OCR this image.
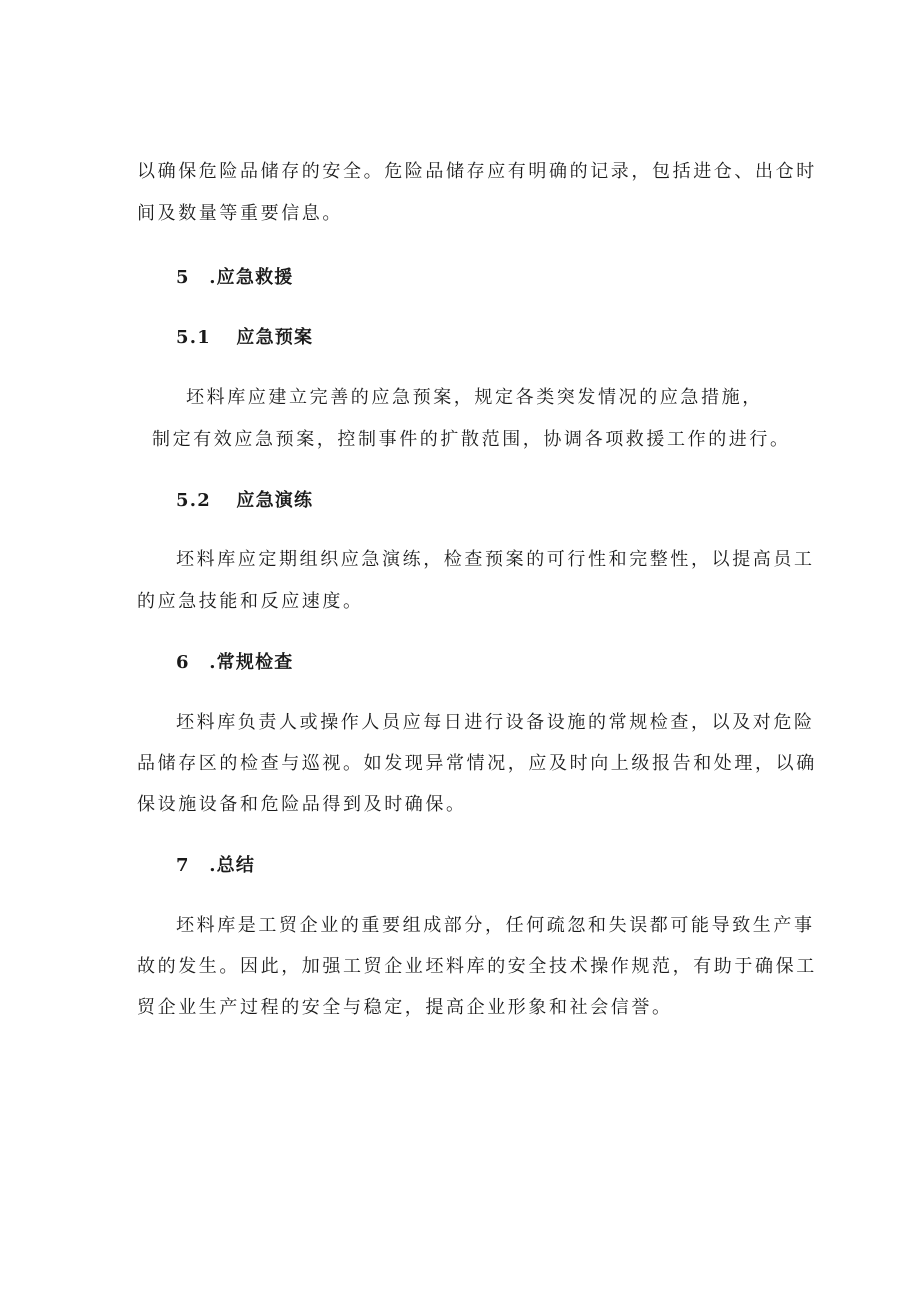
以确保危险品储存的安全。危险品储存应有明确的记录，包括进仓、出仓时
间及数量等重要信息。
5 .应急救援
5.1 应急预案
坯料库应建立完善的应急预案，规定各类突发情况的应急措施，
制定有效应急预案，控制事件的扩散范围，协调各项救援工作的进行。
5.2 应急演练
坯料库应定期组织应急演练，检查预案的可行性和完整性，以提高员工
的应急技能和反应速度。
6 .常规检查
坯料库负责人或操作人员应每日进行设备设施的常规检查，以及对危险
品储存区的检查与巡视。如发现异常情况，应及时向上级报告和处理，以确
保设施设备和危险品得到及时确保。
7 .总结
坯料库是工贸企业的重要组成部分，任何疏忽和失误都可能导致生产事
故的发生。因此，加强工贸企业坯料库的安全技术操作规范，有助于确保工
贸企业生产过程的安全与稳定，提高企业形象和社会信誉。
